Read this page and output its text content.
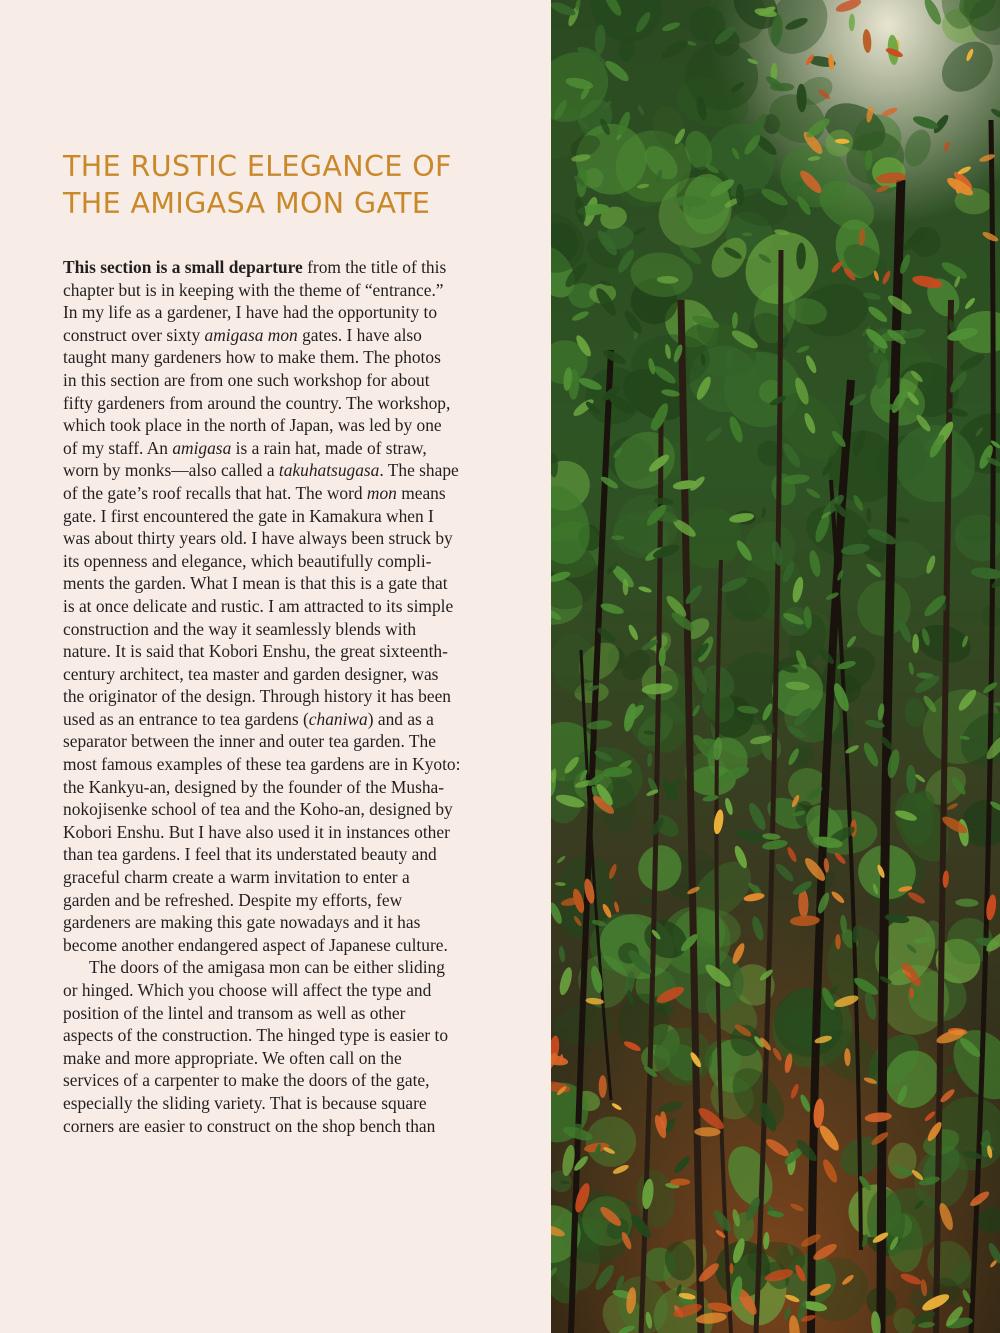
THE RUSTIC ELEGANCE OF
THE AMIGASA MON GATE
This section is a small departure from the title of this
chapter but is in keeping with the theme of “entrance.”
In my life as a gardener, I have had the opportunity to
construct over sixty amigasa mon gates. I have also
taught many gardeners how to make them. The photos
in this section are from one such workshop for about
fifty gardeners from around the country. The workshop,
which took place in the north of Japan, was led by one
of my staff. An amigasa is a rain hat, made of straw,
worn by monks—also called a takuhatsugasa. The shape
of the gate’s roof recalls that hat. The word mon means
gate. I first encountered the gate in Kamakura when I
was about thirty years old. I have always been struck by
its openness and elegance, which beautifully compli-
ments the garden. What I mean is that this is a gate that
is at once delicate and rustic. I am attracted to its simple
construction and the way it seamlessly blends with
nature. It is said that Kobori Enshu, the great sixteenth-
century architect, tea master and garden designer, was
the originator of the design. Through history it has been
used as an entrance to tea gardens (chaniwa) and as a
separator between the inner and outer tea garden. The
most famous examples of these tea gardens are in Kyoto:
the Kankyu-an, designed by the founder of the Musha-
nokojisenke school of tea and the Koho-an, designed by
Kobori Enshu. But I have also used it in instances other
than tea gardens. I feel that its understated beauty and
graceful charm create a warm invitation to enter a
garden and be refreshed. Despite my efforts, few
gardeners are making this gate nowadays and it has
become another endangered aspect of Japanese culture.
The doors of the amigasa mon can be either sliding
or hinged. Which you choose will affect the type and
position of the lintel and transom as well as other
aspects of the construction. The hinged type is easier to
make and more appropriate. We often call on the
services of a carpenter to make the doors of the gate,
especially the sliding variety. That is because square
corners are easier to construct on the shop bench than
